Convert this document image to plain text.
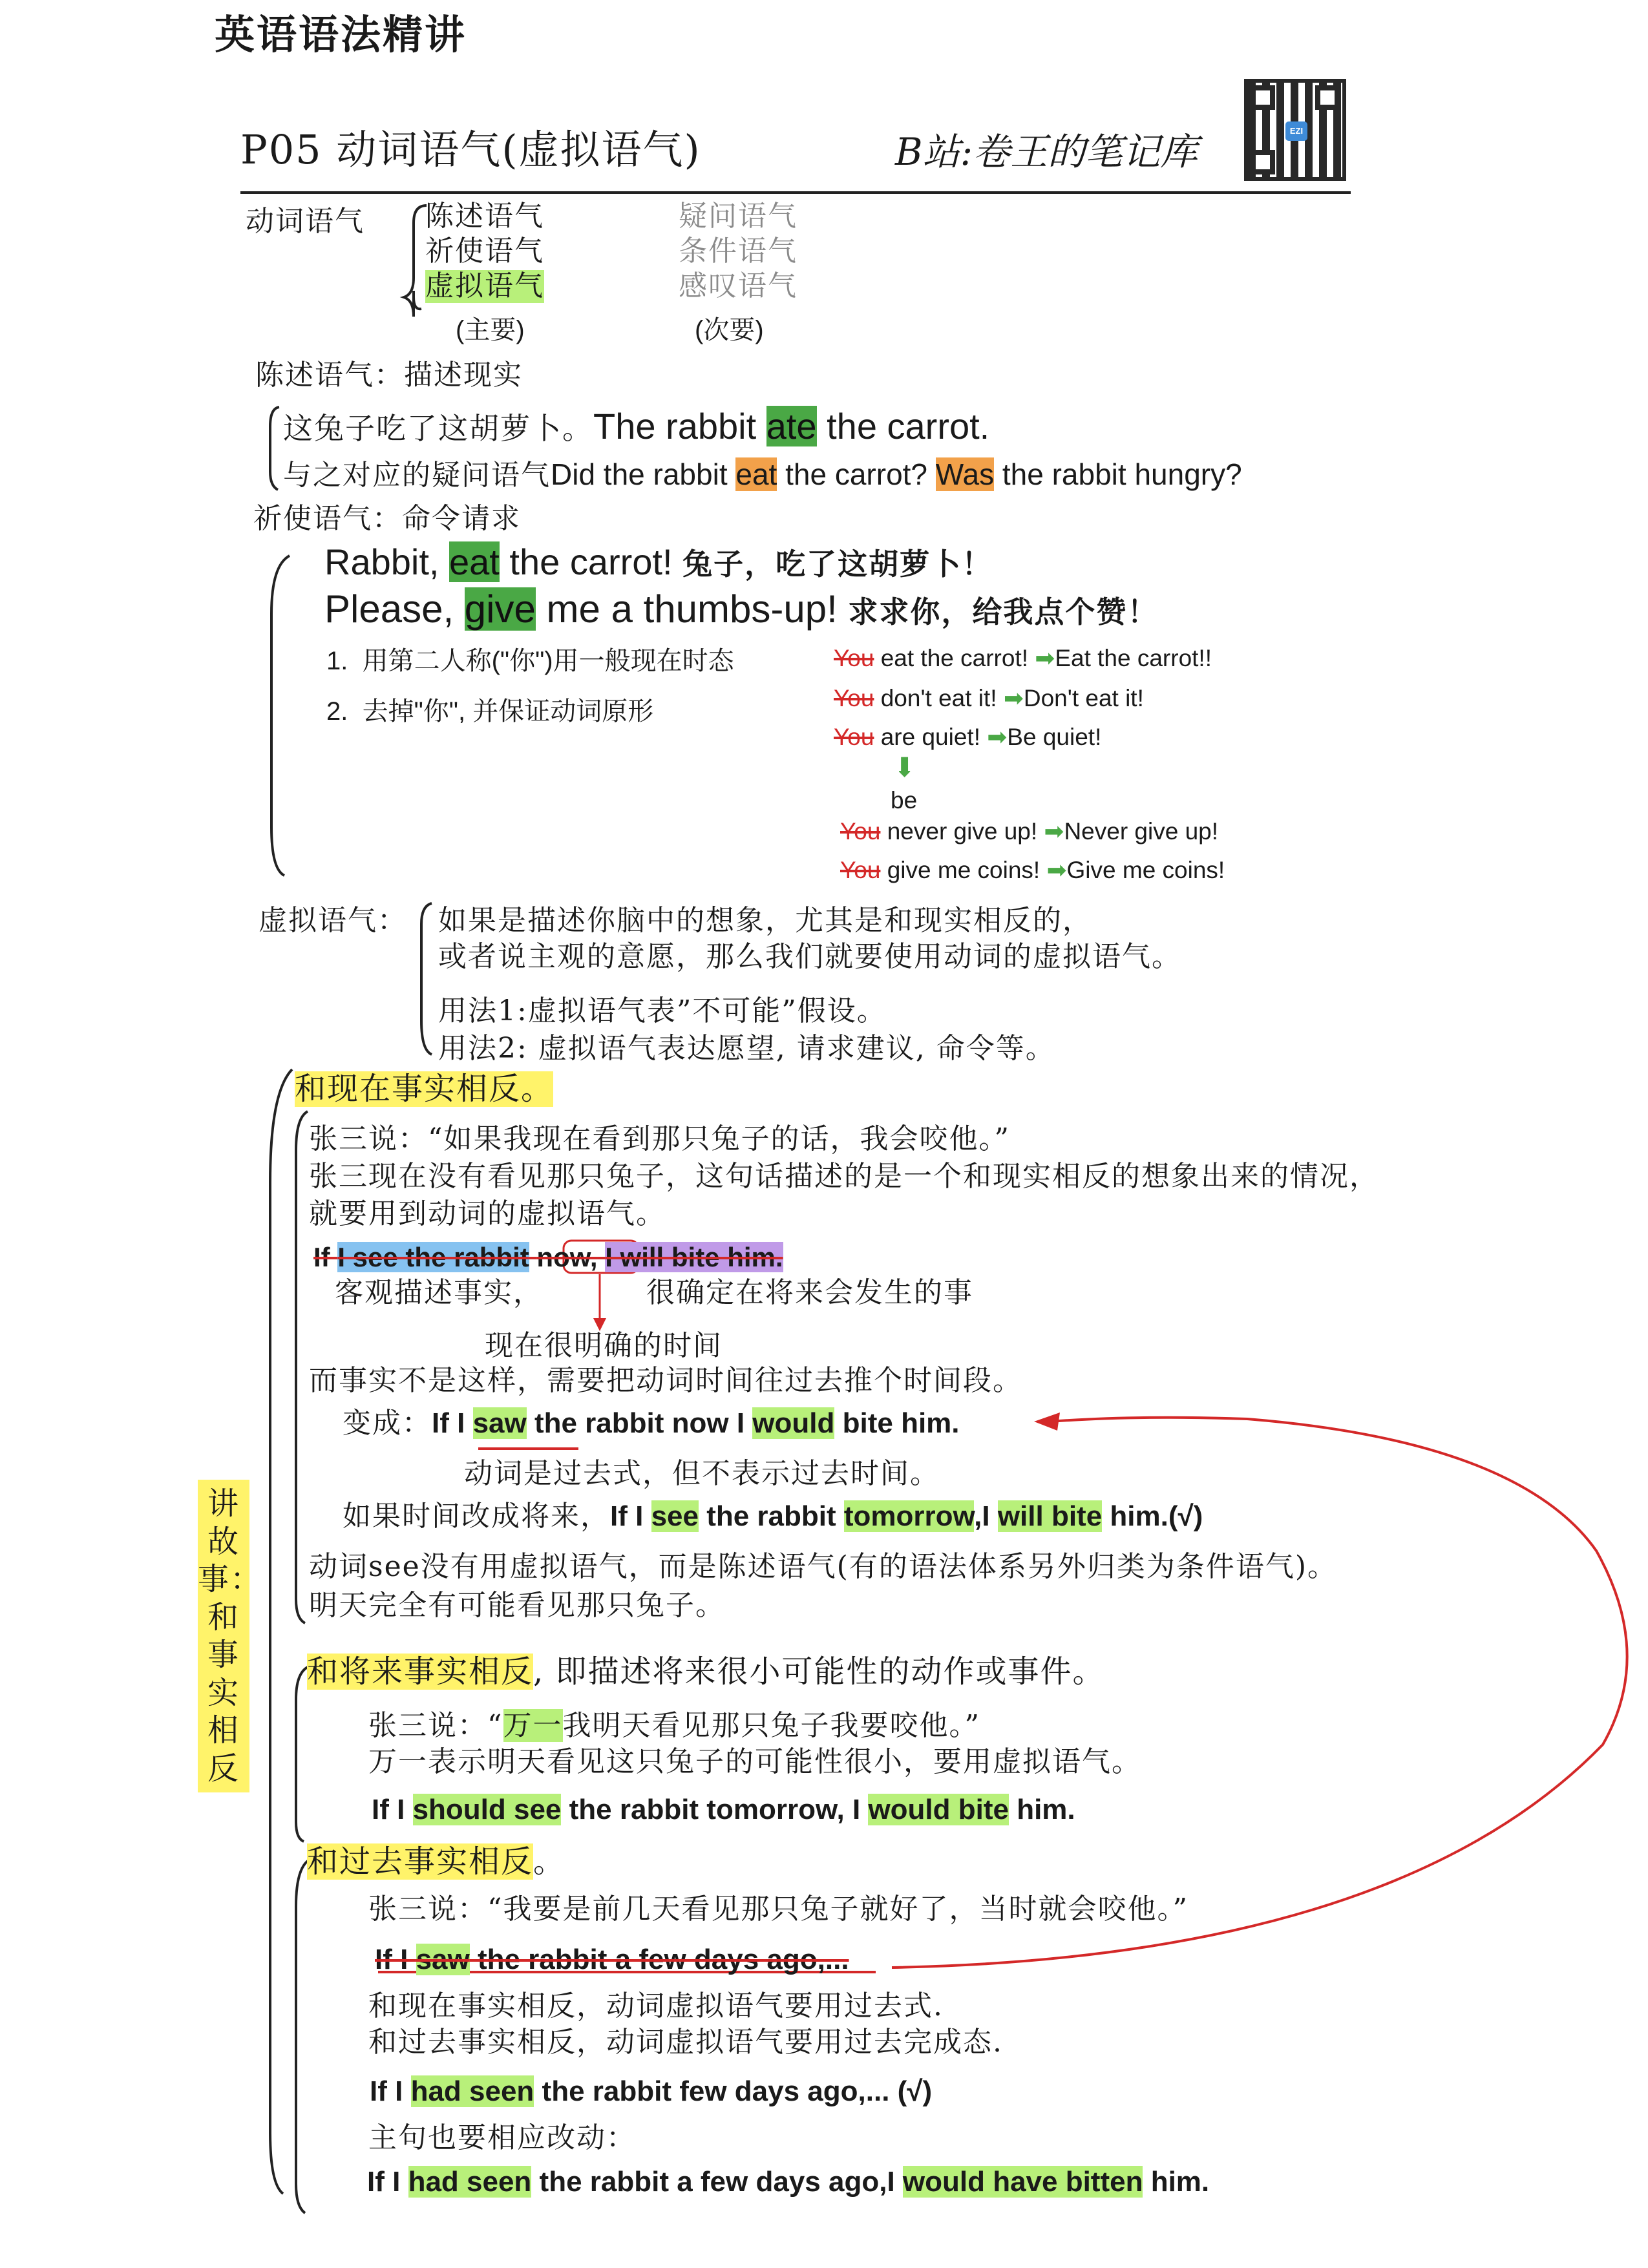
英语语法精讲
P05 动词语气(虚拟语气)	B站:卷王的笔记库	EZI
动词语气 陈述语气
祈使语气
虚拟语气
疑问语气
条件语气
感叹语气
(主要)	(次要)
陈述语气：描述现实
这兔子吃了这胡萝卜。The rabbit ate the carrot.
与之对应的疑问语气Did the rabbit eat the carrot? Was the rabbit hungry?
祈使语气：命令请求
Rabbit, eat the carrot! 兔子，吃了这胡萝卜！
Please, give me a thumbs-up! 求求你，给我点个赞！
1. 用第二人称("你")用一般现在时态
2. 去掉"你", 并保证动词原形
You eat the carrot! ➡Eat the carrot!!
You don't eat it! ➡Don't eat it!
You are quiet! ➡Be quiet!
⬇
be
You never give up! ➡Never give up!
You give me coins! ➡Give me coins!
虚拟语气： 如果是描述你脑中的想象，尤其是和现实相反的，
或者说主观的意愿，那么我们就要使用动词的虚拟语气。
用法1:虚拟语气表”不可能”假设。
用法2: 虚拟语气表达愿望, 请求建议, 命令等。
讲故事：和事实相反
和现在事实相反。
张三说：“如果我现在看到那只兔子的话，我会咬他。”
张三现在没有看见那只兔子，这句话描述的是一个和现实相反的想象出来的情况，
就要用到动词的虚拟语气。
If I see the rabbit now, I will bite him.
客观描述事实，	很确定在将来会发生的事
现在很明确的时间
而事实不是这样，需要把动词时间往过去推个时间段。
变成：If I saw the rabbit now I would bite him.
动词是过去式，但不表示过去时间。
如果时间改成将来，If I see the rabbit tomorrow,I will bite him.(√)
动词see没有用虚拟语气，而是陈述语气(有的语法体系另外归类为条件语气)。
明天完全有可能看见那只兔子。
和将来事实相反, 即描述将来很小可能性的动作或事件。
张三说：“万一我明天看见那只兔子我要咬他。”
万一表示明天看见这只兔子的可能性很小，要用虚拟语气。
If I should see the rabbit tomorrow, I would bite him.
和过去事实相反。
张三说：“我要是前几天看见那只兔子就好了，当时就会咬他。”
If I saw the rabbit a few days ago,...
和现在事实相反，动词虚拟语气要用过去式.
和过去事实相反，动词虚拟语气要用过去完成态.
If I had seen the rabbit few days ago,... (√)
主句也要相应改动：
If I had seen the rabbit a few days ago,I would have bitten him.
